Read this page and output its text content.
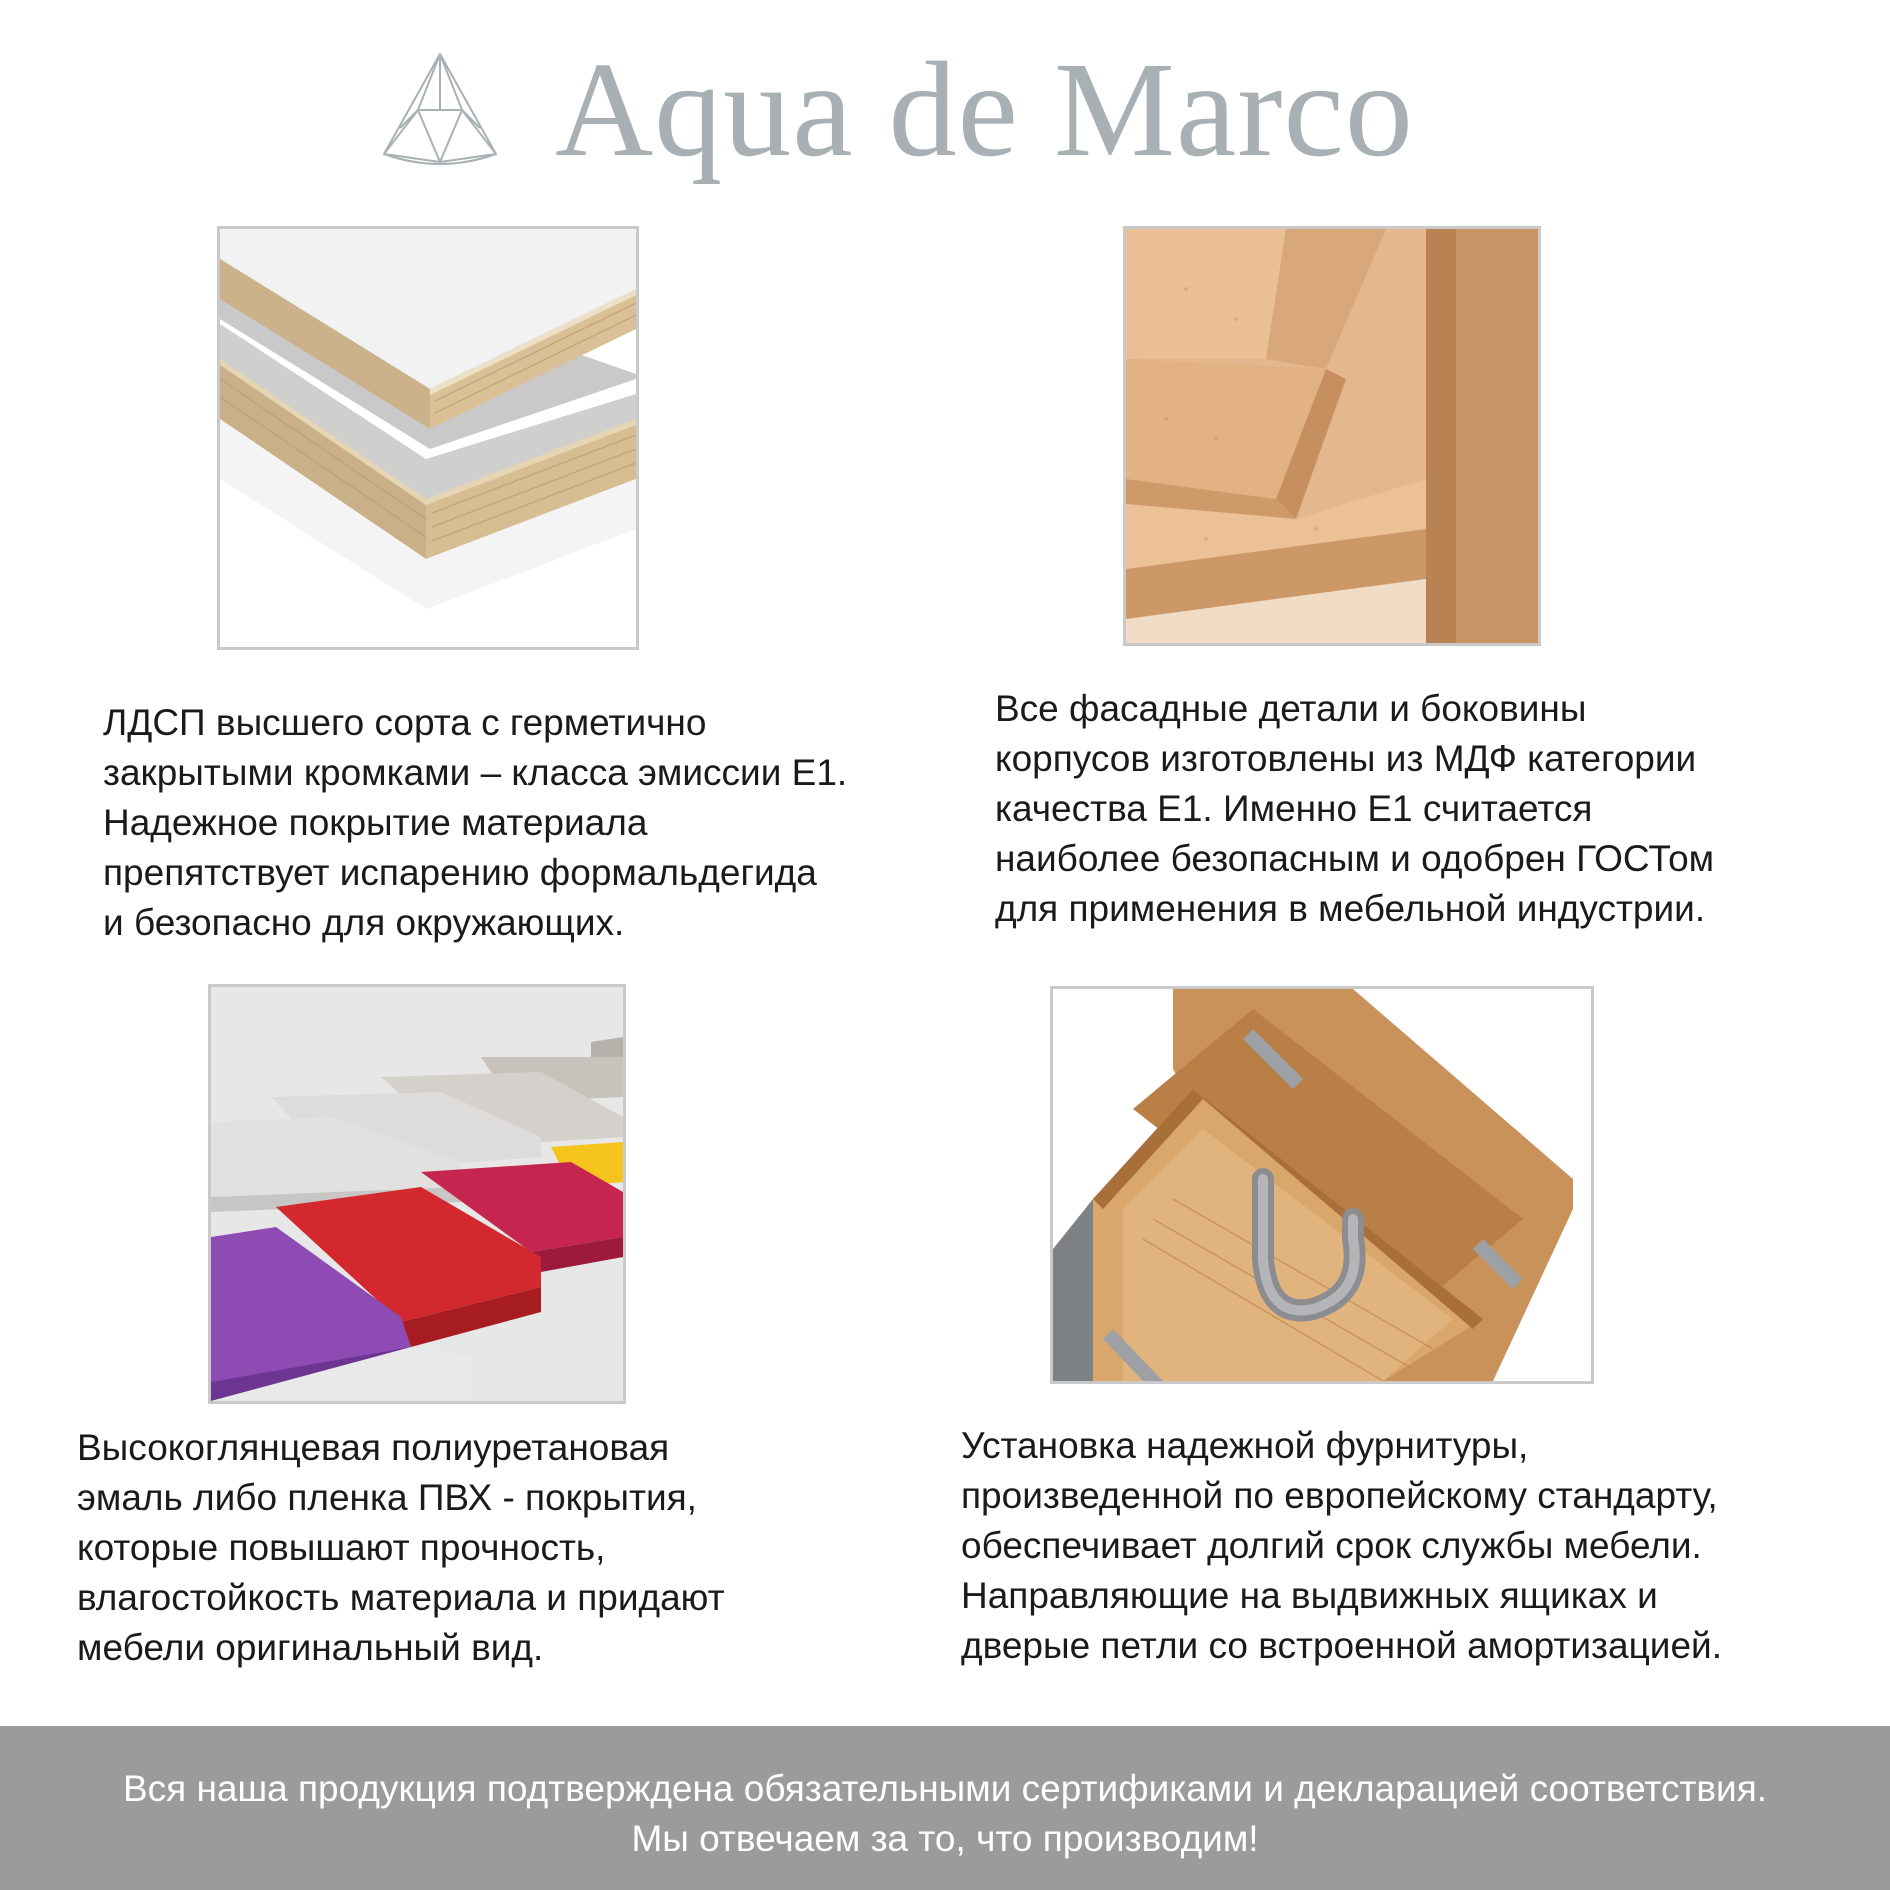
Aqua de Marco
ЛДСП высшего сорта с герметично
закрытыми кромками – класса эмиссии Е1.
Надежное покрытие материала
препятствует испарению формальдегида
и безопасно для окружающих.
Все фасадные детали и боковины
корпусов изготовлены из МДФ категории
качества Е1. Именно Е1 считается
наиболее безопасным и одобрен ГОСТом
для применения в мебельной индустрии.
Высокоглянцевая полиуретановая
эмаль либо пленка ПВХ - покрытия,
которые повышают прочность,
влагостойкость материала и придают
мебели оригинальный вид.
Установка надежной фурнитуры,
произведенной по европейскому стандарту,
обеспечивает долгий срок службы мебели.
Направляющие на выдвижных ящиках и
дверые петли со встроенной амортизацией.
Вся наша продукция подтверждена обязательными сертификами и декларацией соответствия.
Мы отвечаем за то, что производим!
